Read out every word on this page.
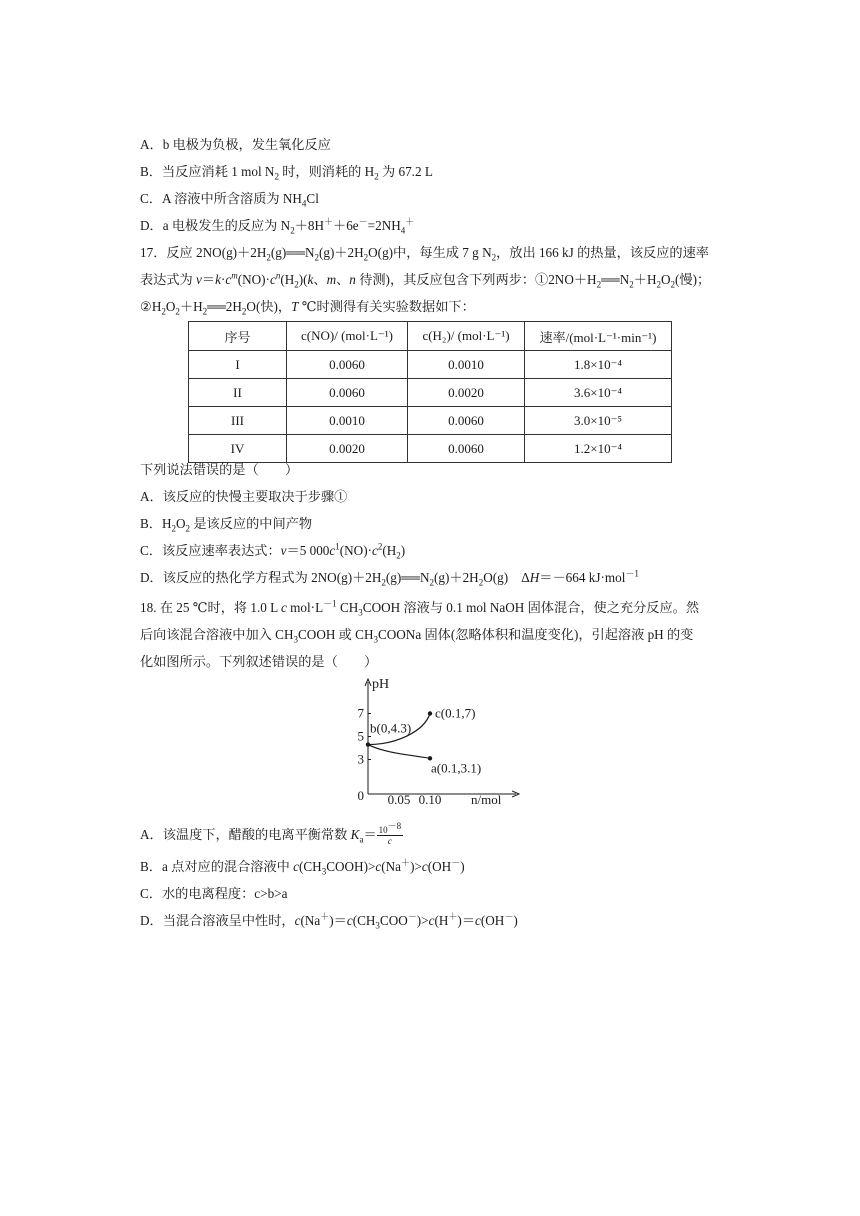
A．b 电极为负极，发生氧化反应
B．当反应消耗 1 mol $N_2$ 时，则消耗的 $H_2$ 为 67.2 L
C．A 溶液中所含溶质为 $NH_4Cl$
D．a 电极发生的反应为 $N_2+8H^++6e^-=2NH_4^+$
17．反应 $2NO(g)+2H_2(g)══N_2(g)+2H_2O(g)$中，每生成 7 g $N_2$，放出 166 kJ 的热量，该反应的速率
表达式为 $v=k\cdot c^m(NO)\cdot c^n(H_2)(k$、m、n 待测)，其反应包含下列两步：$①2NO+H_2══N_2+H_2O_2$(慢)；
$②H_2O_2+H_2══2H_2O$(快)，T ℃时测得有关实验数据如下：
序号	c(NO)/ (mol·L⁻¹)	c(H₂)/ (mol·L⁻¹)	速率/(mol·L⁻¹·min⁻¹)
I	0.0060	0.0010	1.8×10⁻⁴
II	0.0060	0.0020	3.6×10⁻⁴
III	0.0010	0.0060	3.0×10⁻⁵
IV	0.0020	0.0060	1.2×10⁻⁴
下列说法错误的是（　　）
A．该反应的快慢主要取决于步骤①
B．$H_2O_2$ 是该反应的中间产物
C．该反应速率表达式：v＝5 $000c^1(NO)\cdot c^2(H_2)$
D．该反应的热化学方程式为 $2NO(g)+2H_2(g)══N_2(g)+2H_2O(g)$　ΔH＝－664 kJ·mol$^{-1}$
18. 在 25 ℃时，将 1.0 L c $mol\cdot L^{-1}$ $CH_3COOH$ 溶液与 0.1 mol NaOH 固体混合，使之充分反应。然
后向该混合溶液中加入 $CH_3COOH$ 或 $CH_3COONa$ 固体(忽略体积和温度变化)，引起溶液 pH 的变
化如图所示。下列叙述错误的是（　　）
pH
n/mol
0
3
5
7
0.05 0.10
c(0.1,7)
b(0,4.3)
a(0.1,3.1)
A．该温度下，醋酸的电离平衡常数 $K_a= \frac{10^{-8}}{c}$
B．a 点对应的混合溶液中 $c(CH_3COOH)>c(Na^+)>c(OH^-)$
C．水的电离程度：c>b>a
D．当混合溶液呈中性时，$c(Na^+)=c(CH_3COO^-)>c(H^+)=c(OH^-)$
